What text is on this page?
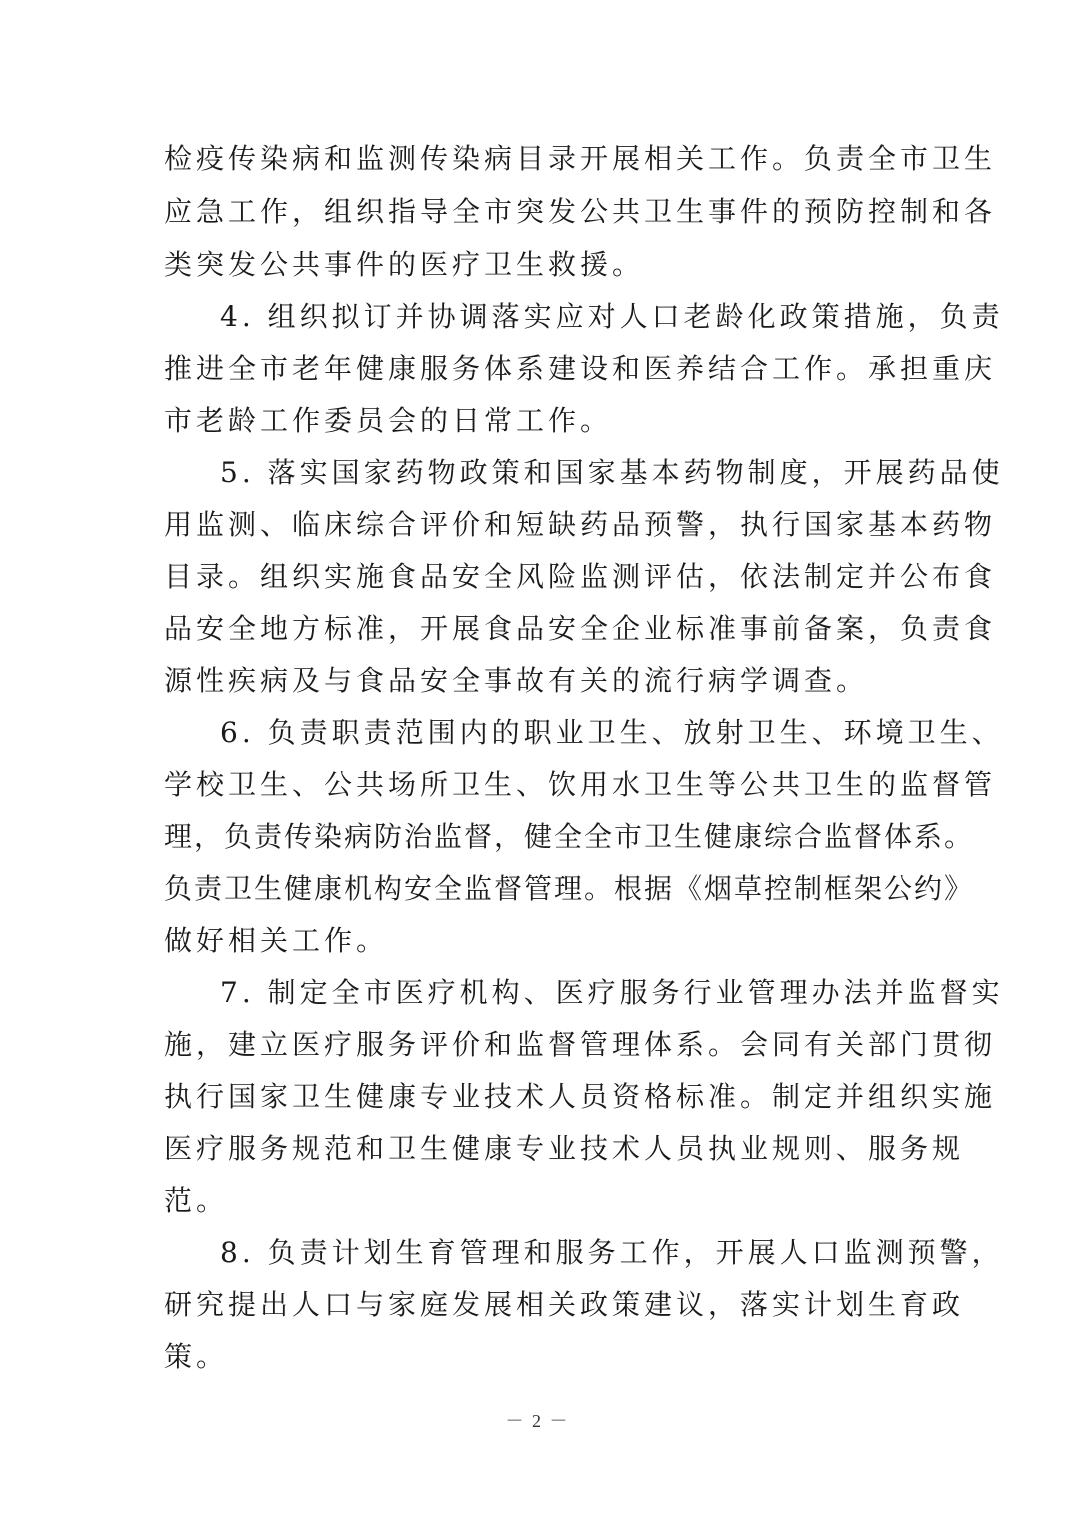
检疫传染病和监测传染病目录开展相关工作。负责全市卫生
应急工作，组织指导全市突发公共卫生事件的预防控制和各
类突发公共事件的医疗卫生救援。
4. 组织拟订并协调落实应对人口老龄化政策措施，负责
推进全市老年健康服务体系建设和医养结合工作。承担重庆
市老龄工作委员会的日常工作。
5. 落实国家药物政策和国家基本药物制度，开展药品使
用监测、临床综合评价和短缺药品预警，执行国家基本药物
目录。组织实施食品安全风险监测评估，依法制定并公布食
品安全地方标准，开展食品安全企业标准事前备案，负责食
源性疾病及与食品安全事故有关的流行病学调查。
6. 负责职责范围内的职业卫生、放射卫生、环境卫生、
学校卫生、公共场所卫生、饮用水卫生等公共卫生的监督管
理，负责传染病防治监督，健全全市卫生健康综合监督体系。
负责卫生健康机构安全监督管理。根据《烟草控制框架公约》
做好相关工作。
7. 制定全市医疗机构、医疗服务行业管理办法并监督实
施，建立医疗服务评价和监督管理体系。会同有关部门贯彻
执行国家卫生健康专业技术人员资格标准。制定并组织实施
医疗服务规范和卫生健康专业技术人员执业规则、服务规
范。
8. 负责计划生育管理和服务工作，开展人口监测预警，
研究提出人口与家庭发展相关政策建议，落实计划生育政
策。
－ 2 －
